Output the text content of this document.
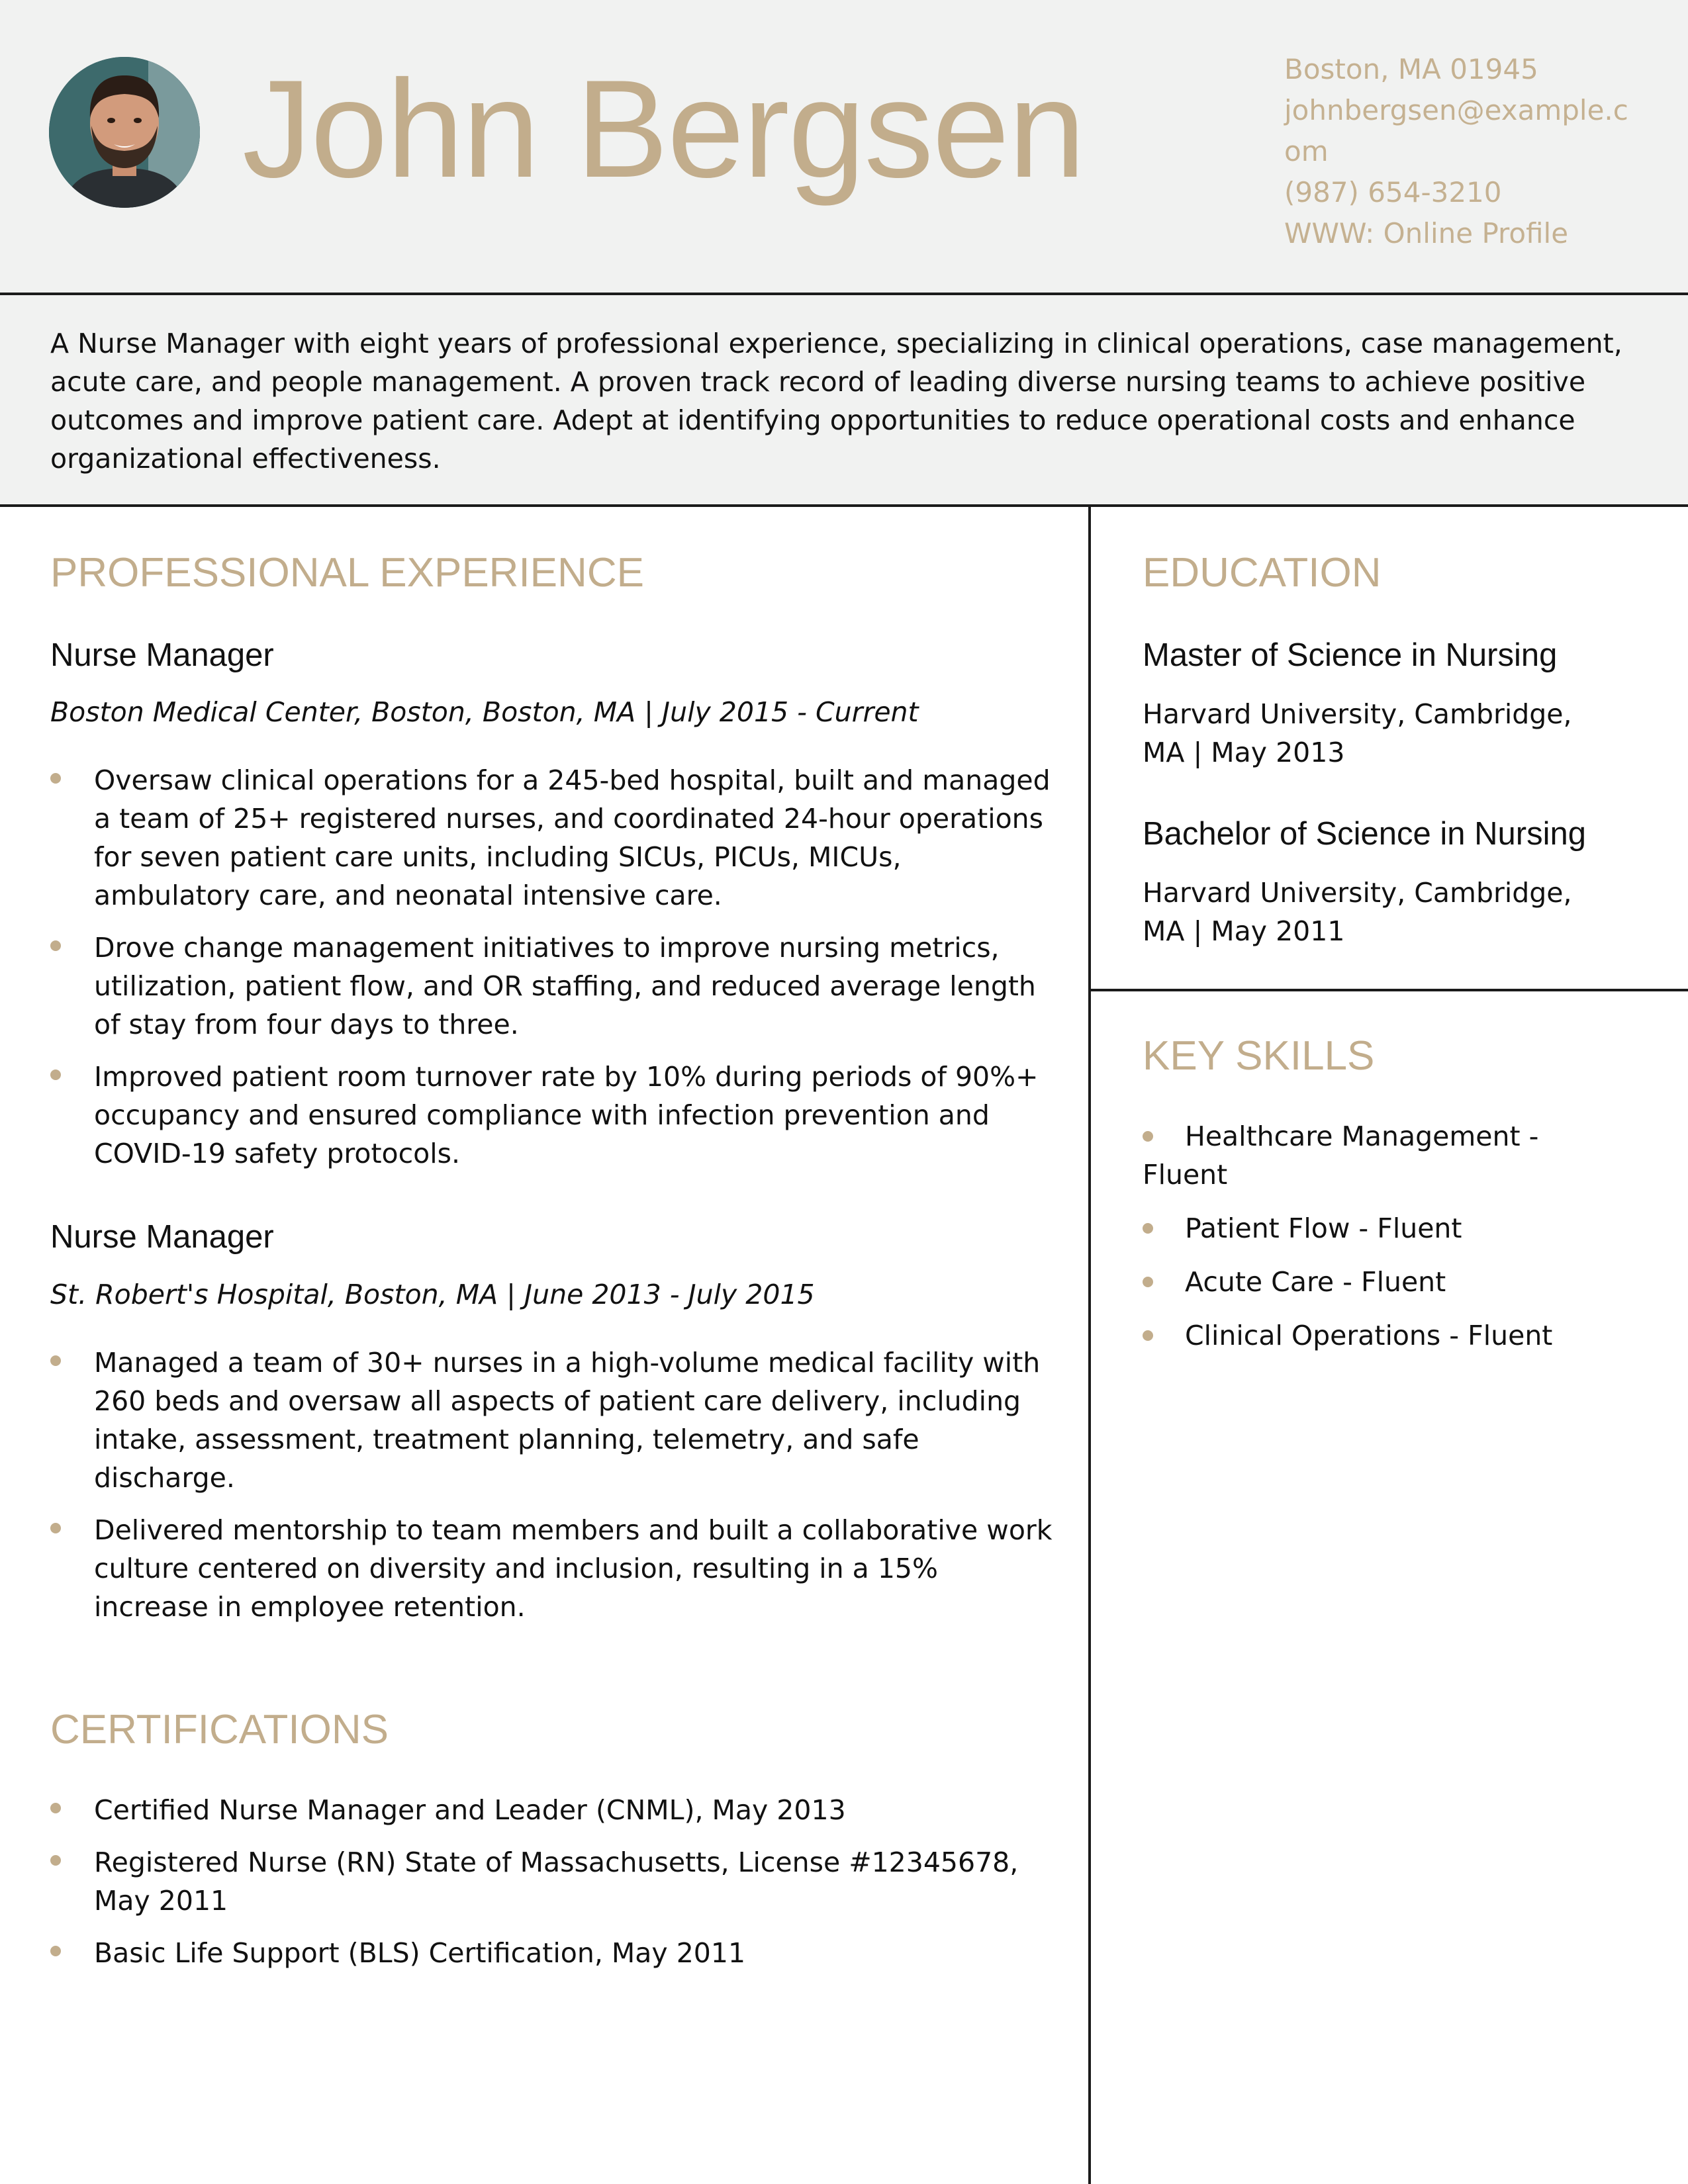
John Bergsen	Boston, MA 01945
johnbergsen@example.com
(987) 654-3210
WWW: Online Profile
A Nurse Manager with eight years of professional experience, specializing in clinical operations, case management, acute care, and people management. A proven track record of leading diverse nursing teams to achieve positive outcomes and improve patient care. Adept at identifying opportunities to reduce operational costs and enhance organizational effectiveness.
PROFESSIONAL EXPERIENCE
Nurse Manager
Boston Medical Center, Boston, Boston, MA | July 2015 - Current
Oversaw clinical operations for a 245-bed hospital, built and managed a team of 25+ registered nurses, and coordinated 24-hour operations for seven patient care units, including SICUs, PICUs, MICUs, ambulatory care, and neonatal intensive care.
Drove change management initiatives to improve nursing metrics, utilization, patient flow, and OR staffing, and reduced average length of stay from four days to three.
Improved patient room turnover rate by 10% during periods of 90%+ occupancy and ensured compliance with infection prevention and COVID-19 safety protocols.
Nurse Manager
St. Robert's Hospital, Boston, MA | June 2013 - July 2015
Managed a team of 30+ nurses in a high-volume medical facility with 260 beds and oversaw all aspects of patient care delivery, including intake, assessment, treatment planning, telemetry, and safe discharge.
Delivered mentorship to team members and built a collaborative work culture centered on diversity and inclusion, resulting in a 15% increase in employee retention.
CERTIFICATIONS
Certified Nurse Manager and Leader (CNML), May 2013
Registered Nurse (RN) State of Massachusetts, License #12345678, May 2011
Basic Life Support (BLS) Certification, May 2011
EDUCATION
Master of Science in Nursing
Harvard University, Cambridge, MA | May 2013
Bachelor of Science in Nursing
Harvard University, Cambridge, MA | May 2011
KEY SKILLS
Healthcare Management - Fluent
Patient Flow - Fluent
Acute Care - Fluent
Clinical Operations - Fluent
